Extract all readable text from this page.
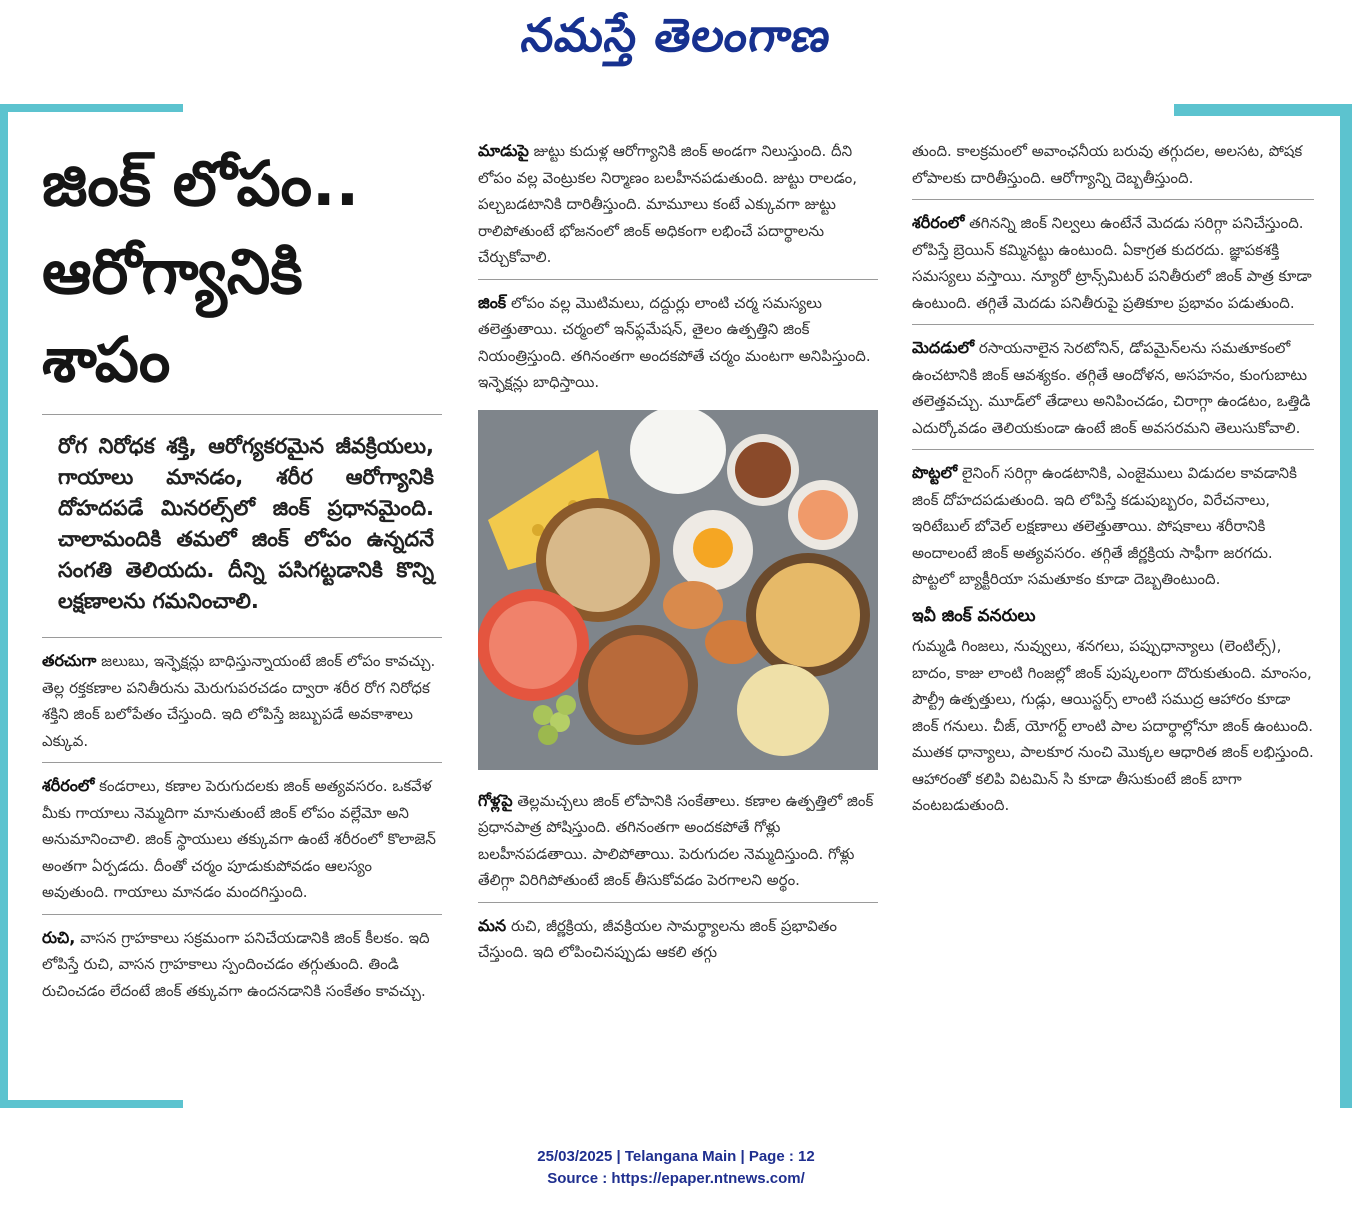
నమస్తే తెలంగాణ
జింక్‌ లోపం..
ఆరోగ్యానికి శాపం
రోగ నిరోధక శక్తి, ఆరోగ్యకరమైన జీవక్రియలు, గాయాలు మానడం, శరీర ఆరోగ్యానికి దోహదపడే మినరల్స్‌లో జింక్‌ ప్రధానమైంది. చాలామందికి తమలో జింక్‌ లోపం ఉన్నదనే సంగతి తెలియదు. దీన్ని పసిగట్టడానికి కొన్ని లక్షణాలను గమనించాలి.

తరచుగా జలుబు, ఇన్ఫెక్షన్లు బాధిస్తున్నాయంటే జింక్‌ లోపం కావచ్చు. తెల్ల రక్తకణాల పనితీరును మెరుగుపరచడం ద్వారా శరీర రోగ నిరోధక శక్తిని జింక్‌ బలోపేతం చేస్తుంది. ఇది లోపిస్తే జబ్బుపడే అవకాశాలు ఎక్కువ.

శరీరంలో కండరాలు, కణాల పెరుగుదలకు జింక్‌ అత్యవసరం. ఒకవేళ మీకు గాయాలు నెమ్మదిగా మానుతుంటే జింక్‌ లోపం వల్లేమో అని అనుమానించాలి. జింక్‌ స్థాయులు తక్కువగా ఉంటే శరీరంలో కొలాజెన్‌ అంతగా ఏర్పడదు. దీంతో చర్మం పూడుకుపోవడం ఆలస్యం అవుతుంది. గాయాలు మానడం మందగిస్తుంది.

రుచి, వాసన గ్రాహకాలు సక్రమంగా పనిచేయడానికి జింక్‌ కీలకం. ఇది లోపిస్తే రుచి, వాసన గ్రాహకాలు స్పందించడం తగ్గుతుంది. తిండి రుచించడం లేదంటే జింక్‌ తక్కువగా ఉందనడానికి సంకేతం కావచ్చు.

మాడుపై జుట్టు కుదుళ్ల ఆరోగ్యానికి జింక్‌ అండగా నిలుస్తుంది. దీని లోపం వల్ల వెంట్రుకల నిర్మాణం బలహీనపడుతుంది. జుట్టు రాలడం, పల్చబడటానికి దారితీస్తుంది. మామూలు కంటే ఎక్కువగా జుట్టు రాలిపోతుంటే భోజనంలో జింక్‌ అధికంగా లభించే పదార్థాలను చేర్చుకోవాలి.

జింక్‌ లోపం వల్ల మొటిమలు, దద్దుర్లు లాంటి చర్మ సమస్యలు తలెత్తుతాయి. చర్మంలో ఇన్‌ఫ్లమేషన్‌, తైలం ఉత్పత్తిని జింక్‌ నియంత్రిస్తుంది. తగినంతగా అందకపోతే చర్మం మంటగా అనిపిస్తుంది. ఇన్ఫెక్షన్లు బాధిస్తాయి.

గోళ్లపై తెల్లమచ్చలు జింక్‌ లోపానికి సంకేతాలు. కణాల ఉత్పత్తిలో జింక్‌ ప్రధానపాత్ర పోషిస్తుంది. తగినంతగా అందకపోతే గోళ్లు బలహీనపడతాయి. పాలిపోతాయి. పెరుగుదల నెమ్మదిస్తుంది. గోళ్లు తేలిగ్గా విరిగిపోతుంటే జింక్‌ తీసుకోవడం పెరగాలని అర్థం.

మన రుచి, జీర్ణక్రియ, జీవక్రియల సామర్థ్యాలను జింక్‌ ప్రభావితం చేస్తుంది. ఇది లోపించినప్పుడు ఆకలి తగ్గు

తుంది. కాలక్రమంలో అవాంఛనీయ బరువు తగ్గుదల, అలసట, పోషక లోపాలకు దారితీస్తుంది. ఆరోగ్యాన్ని దెబ్బతీస్తుంది.

శరీరంలో తగినన్ని జింక్‌ నిల్వలు ఉంటేనే మెదడు సరిగ్గా పనిచేస్తుంది. లోపిస్తే బ్రెయిన్‌ కమ్మినట్టు ఉంటుంది. ఏకాగ్రత కుదరదు. జ్ఞాపకశక్తి సమస్యలు వస్తాయి. న్యూరో ట్రాన్స్‌మిటర్‌ పనితీరులో జింక్‌ పాత్ర కూడా ఉంటుంది. తగ్గితే మెదడు పనితీరుపై ప్రతికూల ప్రభావం పడుతుంది.

మెదడులో రసాయనాలైన సెరటోనిన్‌, డోపమైన్‌లను సమతూకంలో ఉంచటానికి జింక్‌ ఆవశ్యకం. తగ్గితే ఆందోళన, అసహనం, కుంగుబాటు తలెత్తవచ్చు. మూడ్‌లో తేడాలు అనిపించడం, చిరాగ్గా ఉండటం, ఒత్తిడి ఎదుర్కోవడం తెలియకుండా ఉంటే జింక్‌ అవసరమని తెలుసుకోవాలి.

పొట్టలో లైనింగ్‌ సరిగ్గా ఉండటానికి, ఎంజైములు విడుదల కావడానికి జింక్‌ దోహదపడుతుంది. ఇది లోపిస్తే కడుపుబ్బరం, విరేచనాలు, ఇరిటేబుల్‌ బోవెల్‌ లక్షణాలు తలెత్తుతాయి. పోషకాలు శరీరానికి అందాలంటే జింక్‌ అత్యవసరం. తగ్గితే జీర్ణక్రియ సాఫీగా జరగదు. పొట్టలో బ్యాక్టీరియా సమతూకం కూడా దెబ్బతింటుంది.

ఇవీ జింక్‌ వనరులు

గుమ్మడి గింజలు, నువ్వులు, శనగలు, పప్పుధాన్యాలు (లెంటిల్స్‌), బాదం, కాజు లాంటి గింజల్లో జింక్‌ పుష్కలంగా దొరుకుతుంది. మాంసం, పౌల్ట్రీ ఉత్పత్తులు, గుడ్లు, ఆయిస్టర్స్‌ లాంటి సముద్ర ఆహారం కూడా జింక్‌ గనులు. చీజ్‌, యోగర్ట్‌ లాంటి పాల పదార్థాల్లోనూ జింక్‌ ఉంటుంది. ముతక ధాన్యాలు, పాలకూర నుంచి మొక్కల ఆధారిత జింక్‌ లభిస్తుంది. ఆహారంతో కలిపి విటమిన్‌ సి కూడా తీసుకుంటే జింక్‌ బాగా వంటబడుతుంది.

25/03/2025 | Telangana Main | Page : 12
Source : https://epaper.ntnews.com/
